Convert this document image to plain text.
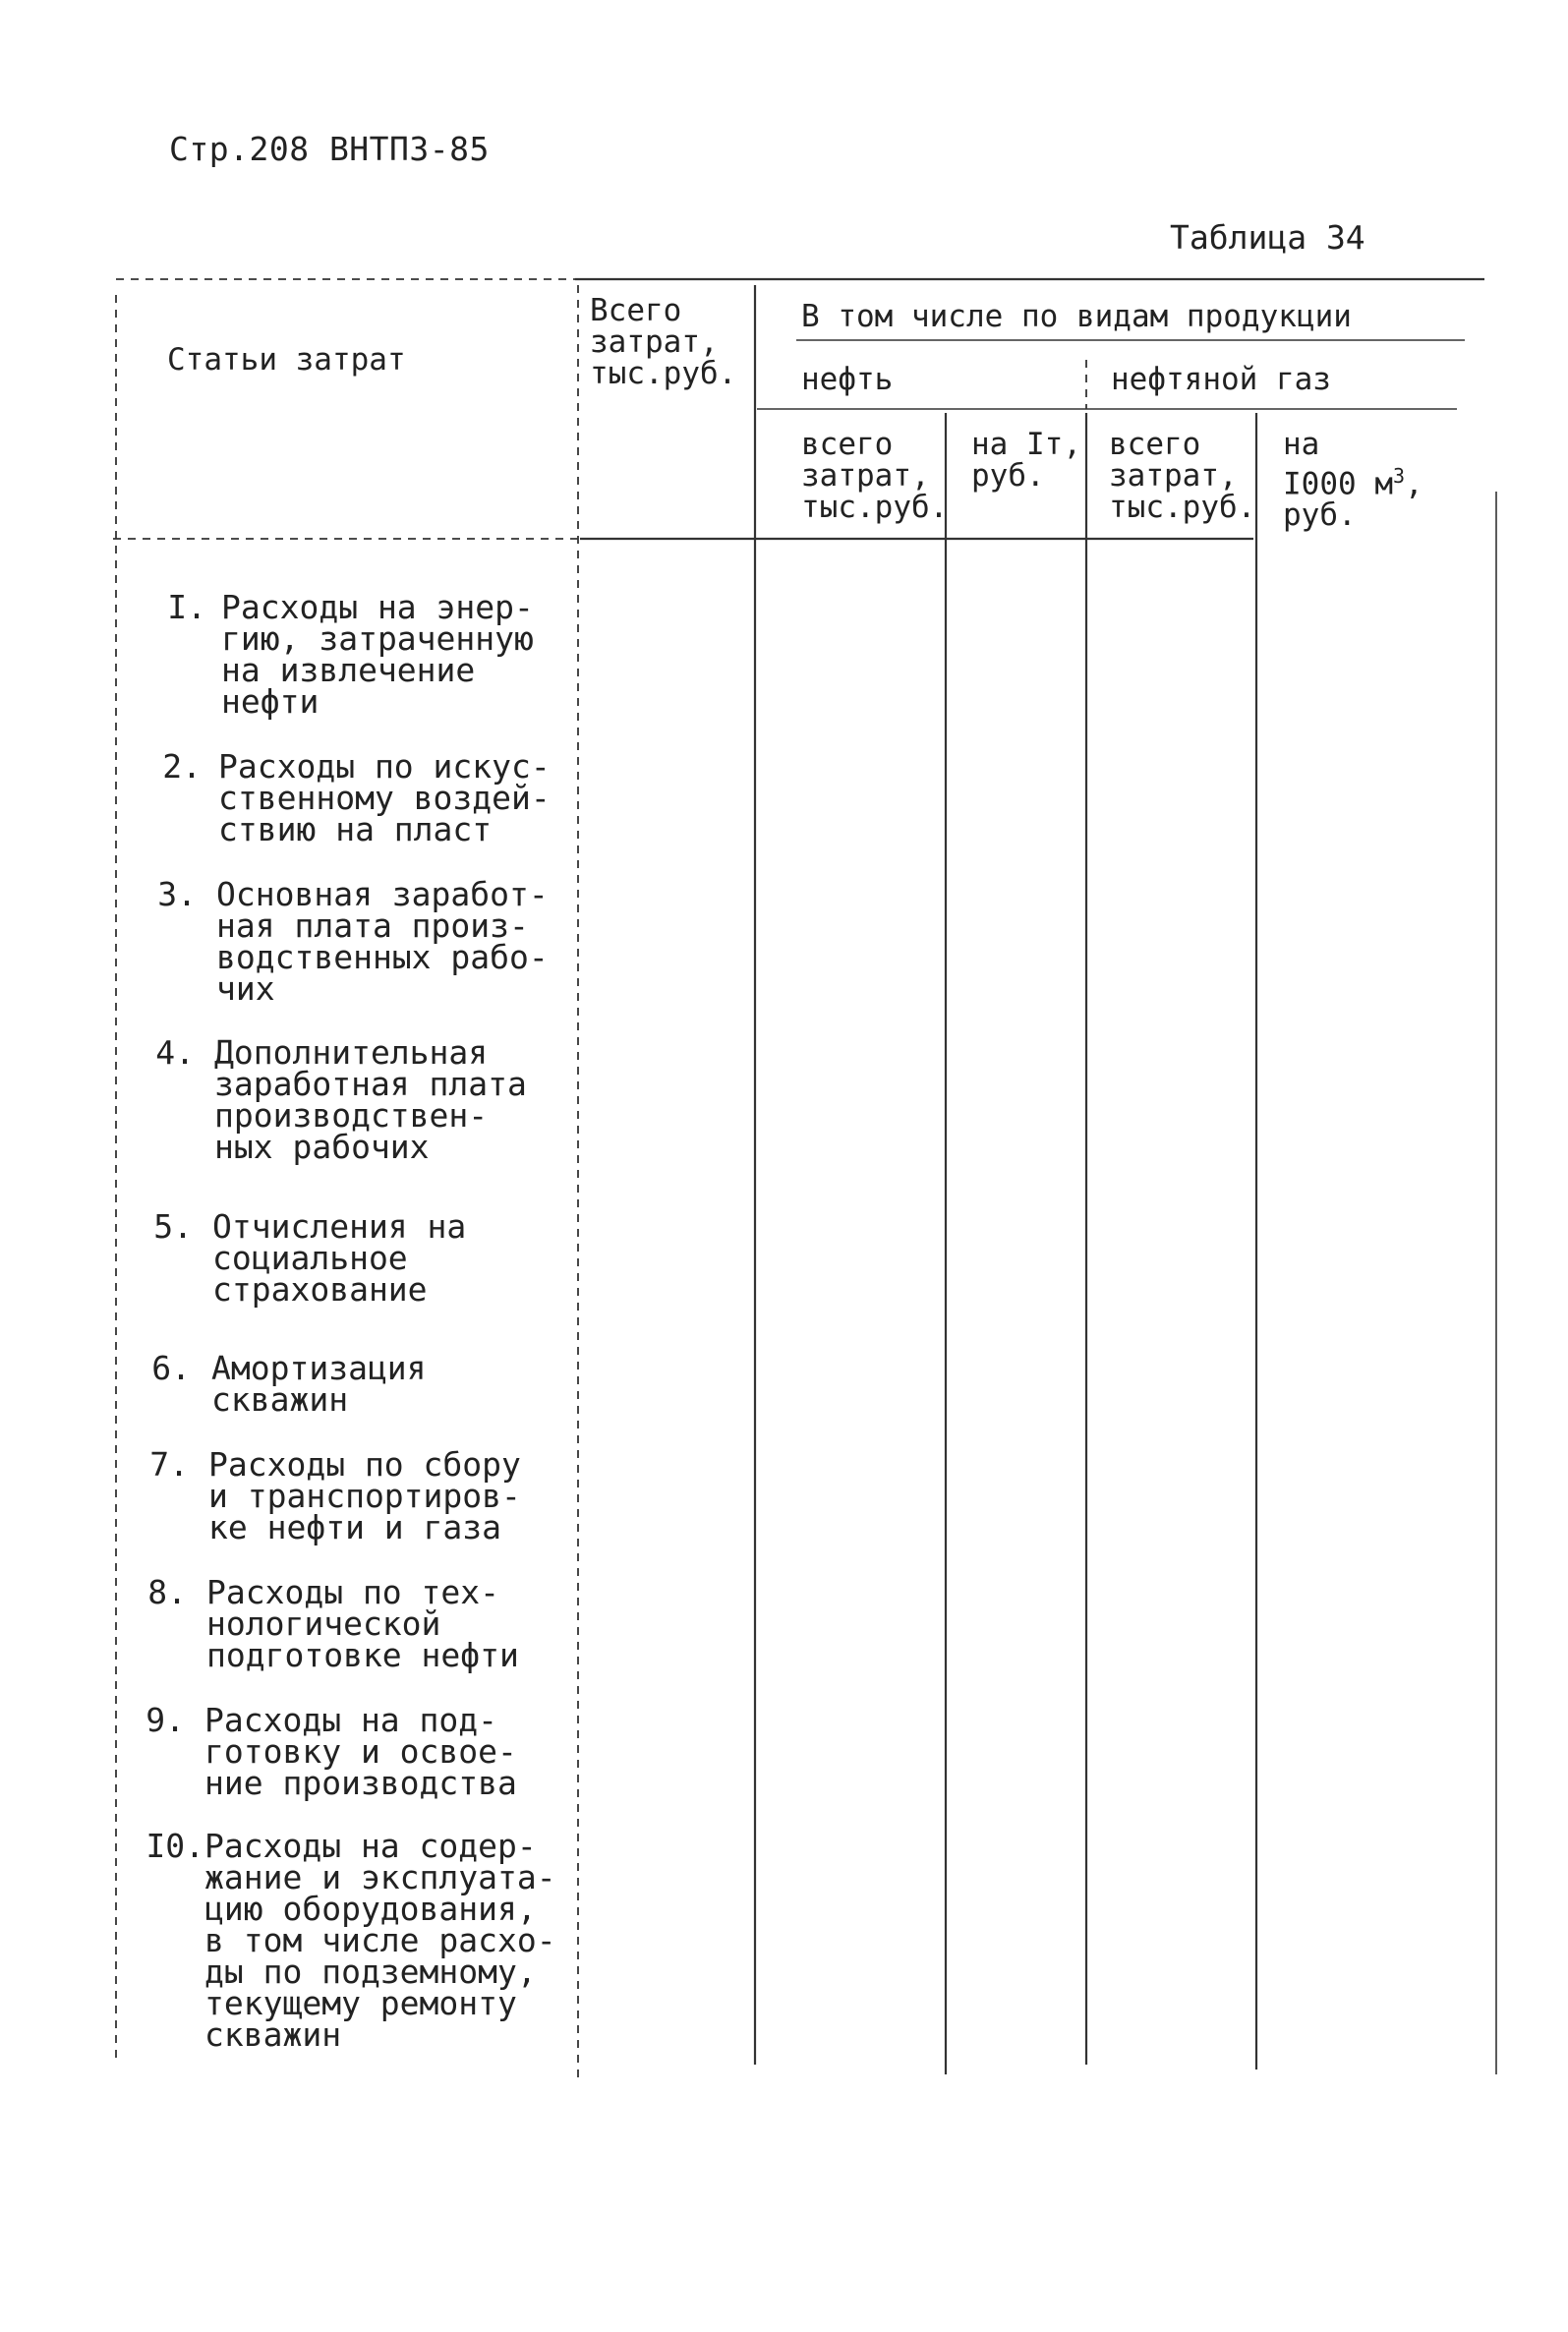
Стр.208 ВНТП3-85
Таблица 34
Статьи затрат
Всего
затрат,
тыс.руб.
В том числе по видам продукции
нефть	нефтяной газ
всего
затрат,
тыс.руб.
на Iт,
руб.
всего
затрат,
тыс.руб.
на
I000 $м^3$,
руб.
I. Расходы на энер-
гию, затраченную
на извлечение
нефти
2. Расходы по искус-
ственному воздей-
ствию на пласт
3. Основная заработ-
ная плата произ-
водственных рабо-
чих
4. Дополнительная
заработная плата
производствен-
ных рабочих
5. Отчисления на
социальное
страхование
6. Амортизация
скважин
7. Расходы по сбору
и транспортиров-
ке нефти и газа
8. Расходы по тех-
нологической
подготовке нефти
9. Расходы на под-
готовку и освое-
ние производства
I0. Расходы на содер-
жание и эксплуата-
цию оборудования,
в том числе расхо-
ды по подземному,
текущему ремонту
скважин
